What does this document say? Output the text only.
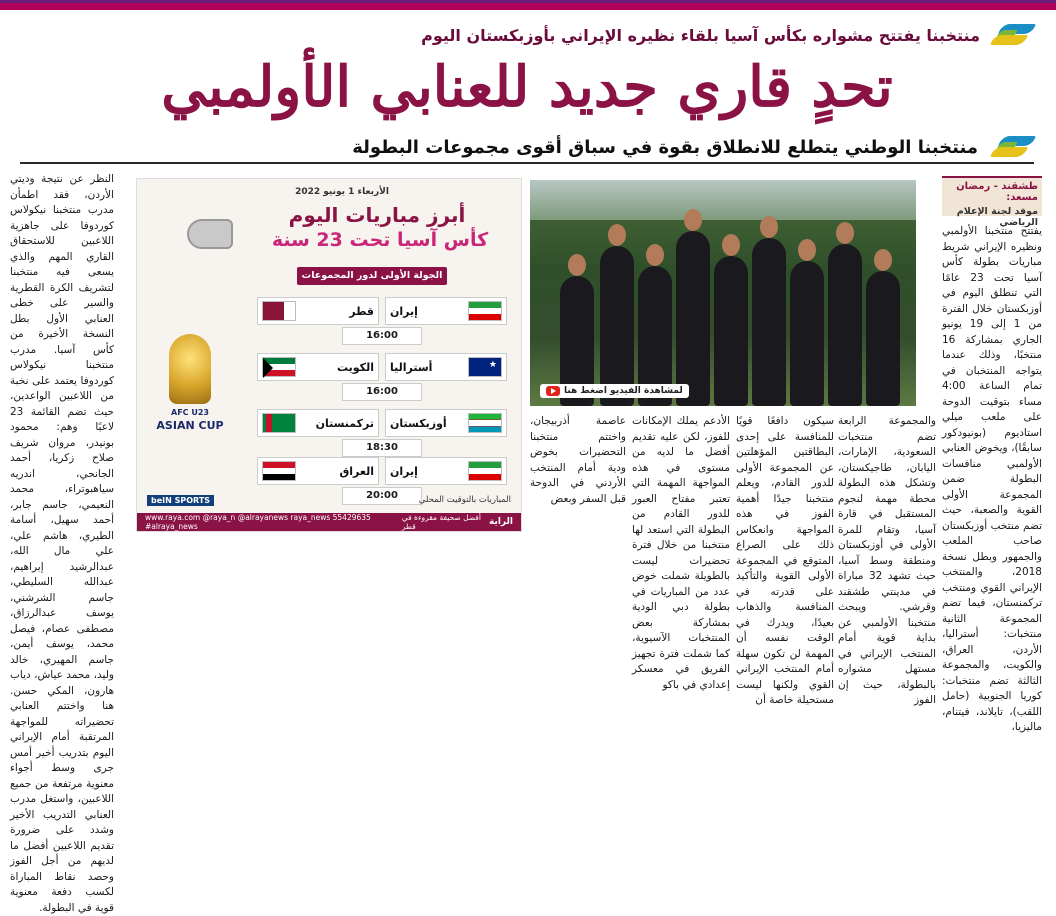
منتخبنا يفتتح مشواره بكأس آسيا بلقاء نظيره الإيراني بأوزبكستان اليوم
تحدٍ قاري جديد للعنابي الأولمبي
منتخبنا الوطني يتطلع للانطلاق بقوة في سباق أقوى مجموعات البطولة
طشقند - رمضان مسعد:
موفد لجنة الإعلام الرياضي
يفتتح منتخبنا الأولمبي ونظيره الإيراني شريط مباريات بطولة كأس آسيا تحت 23 عامًا التي تنطلق اليوم في أوزبكستان خلال الفترة من 1 إلى 19 يونيو الجاري بمشاركة 16 منتخبًا، وذلك عندما يتواجه المنتخبان في تمام الساعة 4:00 مساء بتوقيت الدوحة على ملعب ميلي استاديوم (بونيودكور سابقًا)، ويخوض العنابي الأولمبي منافسات البطولة ضمن المجموعة الأولى القوية والصعبة، حيث تضم منتخب أوزبكستان صاحب الملعب والجمهور وبطل نسخة 2018، والمنتخب الإيراني القوي ومنتخب تركمنستان، فيما تضم المجموعة الثانية منتخبات: أستراليا، الأردن، العراق، والكويت، والمجموعة الثالثة تضم منتخبات: كوريا الجنوبية (حامل اللقب)، تايلاند، فيتنام، ماليزيا،
والمجموعة الرابعة تضم منتخبات السعودية، الإمارات، اليابان، طاجيكستان، وتشكل هذه البطولة محطة مهمة لنجوم المستقبل في قارة آسيا، وتقام للمرة الأولى في أوزبكستان ومنطقة وسط آسيا، حيث تشهد 32 مباراة في مدينتي طشقند وقرشي. ويبحث منتخبنا الأولمبي عن بداية قوية أمام المنتخب الإيراني في مستهل مشواره بالبطولة، حيث إن الفوز
سيكون دافعًا قويًا للمنافسة على إحدى البطاقتين المؤهلتين عن المجموعة الأولى للدور القادم، ويعلم منتخبنا جيدًا أهمية الفوز في هذه المواجهة وانعكاس ذلك على الصراع المتوقع في المجموعة الأولى القوية والتأكيد على قدرته في المنافسة والذهاب بعيدًا، ويدرك في الوقت نفسه أن المهمة لن تكون سهلة أمام المنتخب الإيراني القوي ولكنها ليست مستحيلة خاصة أن
الأدعم يملك الإمكانات للفوز، لكن عليه تقديم أفضل ما لديه من مستوى في هذه المواجهة المهمة التي تعتبر مفتاح العبور للدور القادم من البطولة التي استعد لها منتخبنا من خلال فترة تحضيرات ليست بالطويلة شملت خوض عدد من المباريات في بطولة دبي الودية بمشاركة بعض المنتخبات الآسيوية، كما شملت فترة تجهيز الفريق في معسكر إعدادي في باكو
عاصمة أذربيجان، واختتم منتخبنا التحضيرات بخوض ودية أمام المنتخب الأردني في الدوحة قبل السفر وبعض
النظر عن نتيجة وديتي الأردن، فقد اطمأن مدرب منتخبنا نيكولاس كوردوفا على جاهزية اللاعبين للاستحقاق القاري المهم والذي يسعى فيه منتخبنا لتشريف الكرة القطرية والسير على خطى العنابي الأول بطل النسخة الأخيرة من كأس آسيا. مدرب منتخبنا نيكولاس كوردوفا يعتمد على نخبة من اللاعبين الواعدين، حيث تضم القائمة 23 لاعبًا وهم: محمود بونيدر، مروان شريف صلاح زكريا، أحمد الجانحي، اندريه سياهبوتراء، محمد النعيمي، جاسم جابر، أحمد سهيل، أسامة الطيري، هاشم علي، علي مال الله، عبدالرشيد إبراهيم، عبدالله السليطي، جاسم الشرشني، يوسف عبدالرزاق، مصطفى عصام، فيصل محمد، يوسف أيمن، جاسم المهيري، خالد وليد، محمد عياش، دياب هارون، المكي حسن. هنا واختتم العنابي تحضيراته للمواجهة المرتقبة أمام الإيراني اليوم بتدريب أخير أمس جرى وسط أجواء معنوية مرتفعة من جميع اللاعبين، واستغل مدرب العنابي التدريب الأخير وشدد على ضرورة تقديم اللاعبين أفضل ما لديهم من أجل الفوز وحصد نقاط المباراة لكسب دفعة معنوية قوية في البطولة.
لمشاهدة الفيديو اضغط هنا
الأربعاء 1 يونيو 2022
أبرز مباريات اليوم
كأس آسيا تحت 23 سنة
الجولة الأولى لدور المجموعات
AFC U23
ASIAN CUP
إيران
قطر
16:00
★
أستراليا
الكويت
16:00
أوزبكستان
تركمنستان
18:30
إيران
العراق
20:00	المباريات بالتوقيت المحلي
beIN SPORTS
www.raya.com @raya_n @alrayanews raya_news 55429635 #alraya_news
أفضل صحيفة مقروءة في قطر	الراية
